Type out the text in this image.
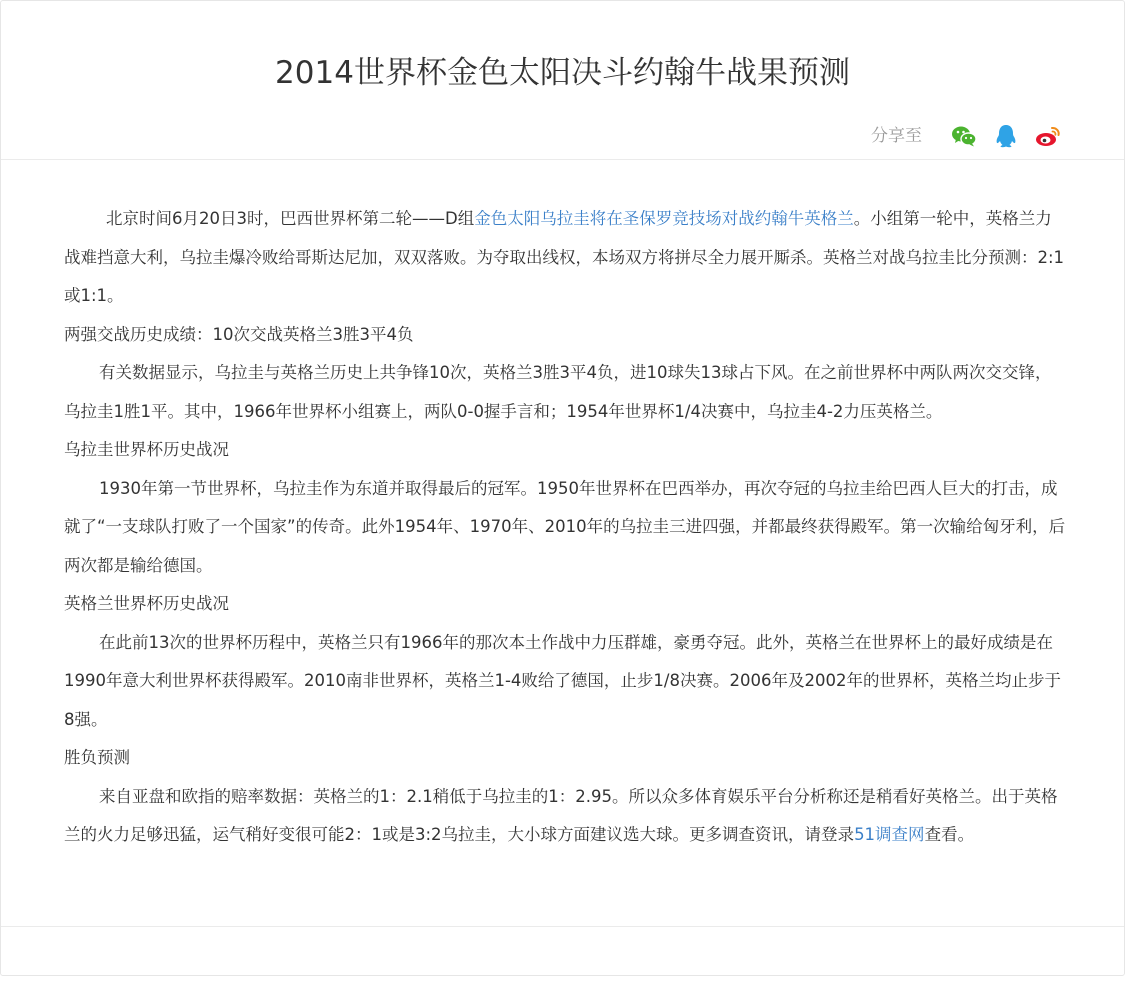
2014世界杯金色太阳决斗约翰牛战果预测
分享至

北京时间6月20日3时，巴西世界杯第二轮——D组金色太阳乌拉圭将在圣保罗竞技场对战约翰牛英格兰。小组第一轮中，英格兰力战难挡意大利，乌拉圭爆冷败给哥斯达尼加，双双落败。为夺取出线权，本场双方将拼尽全力展开厮杀。英格兰对战乌拉圭比分预测：2:1或1:1。

两强交战历史成绩：10次交战英格兰3胜3平4负

有关数据显示，乌拉圭与英格兰历史上共争锋10次，英格兰3胜3平4负，进10球失13球占下风。在之前世界杯中两队两次交交锋，乌拉圭1胜1平。其中，1966年世界杯小组赛上，两队0-0握手言和；1954年世界杯1/4决赛中，乌拉圭4-2力压英格兰。

乌拉圭世界杯历史战况

1930年第一节世界杯，乌拉圭作为东道并取得最后的冠军。1950年世界杯在巴西举办，再次夺冠的乌拉圭给巴西人巨大的打击，成就了“一支球队打败了一个国家”的传奇。此外1954年、1970年、2010年的乌拉圭三进四强，并都最终获得殿军。第一次输给匈牙利，后两次都是输给德国。

英格兰世界杯历史战况

在此前13次的世界杯历程中，英格兰只有1966年的那次本土作战中力压群雄，豪勇夺冠。此外，英格兰在世界杯上的最好成绩是在1990年意大利世界杯获得殿军。2010南非世界杯，英格兰1-4败给了德国，止步1/8决赛。2006年及2002年的世界杯，英格兰均止步于8强。

胜负预测

来自亚盘和欧指的赔率数据：英格兰的1：2.1稍低于乌拉圭的1：2.95。所以众多体育娱乐平台分析称还是稍看好英格兰。出于英格兰的火力足够迅猛，运气稍好变很可能2：1或是3:2乌拉圭，大小球方面建议选大球。更多调查资讯，请登录51调查网查看。
